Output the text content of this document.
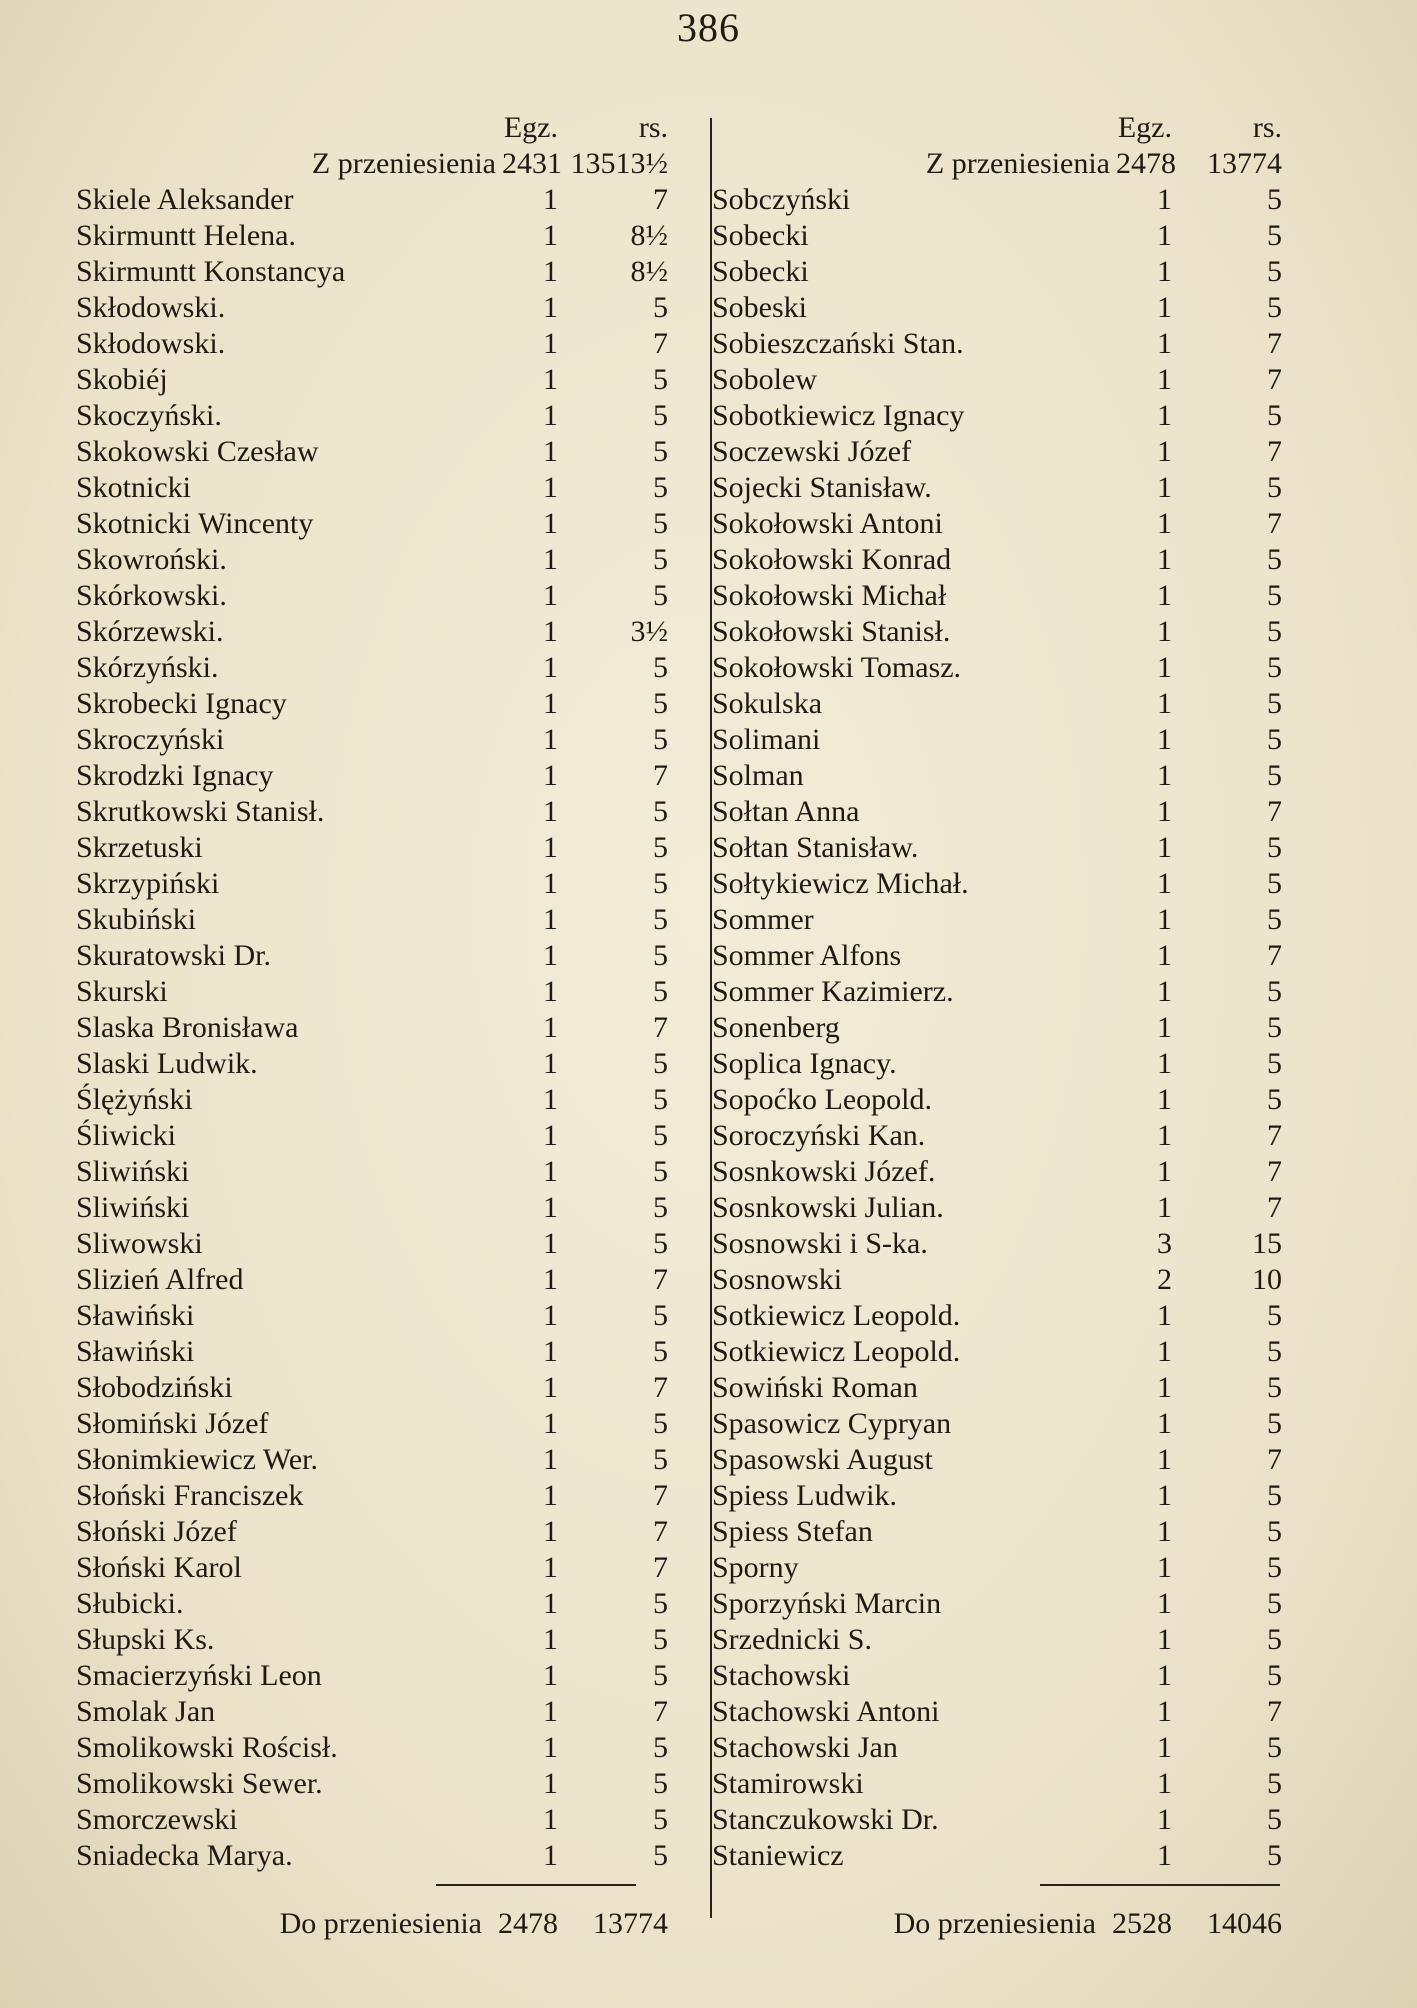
386
Egz.	rs.
Z przeniesienia 2431 13513½
Skiele Aleksander	1	7
Skirmuntt Helena.	1	8½
Skirmuntt Konstancya	1	8½
Skłodowski.	1	5
Skłodowski.	1	7
Skobiéj	1	5
Skoczyński.	1	5
Skokowski Czesław	1	5
Skotnicki	1	5
Skotnicki Wincenty	1	5
Skowroński.	1	5
Skórkowski.	1	5
Skórzewski.	1	3½
Skórzyński.	1	5
Skrobecki Ignacy	1	5
Skroczyński	1	5
Skrodzki Ignacy	1	7
Skrutkowski Stanisł.	1	5
Skrzetuski	1	5
Skrzypiński	1	5
Skubiński	1	5
Skuratowski Dr.	1	5
Skurski	1	5
Slaska Bronisława	1	7
Slaski Ludwik.	1	5
Ślężyński	1	5
Śliwicki	1	5
Sliwiński	1	5
Sliwiński	1	5
Sliwowski	1	5
Slizień Alfred	1	7
Sławiński	1	5
Sławiński	1	5
Słobodziński	1	7
Słomiński Józef	1	5
Słonimkiewicz Wer.	1	5
Słoński Franciszek	1	7
Słoński Józef	1	7
Słoński Karol	1	7
Słubicki.	1	5
Słupski Ks.	1	5
Smacierzyński Leon	1	5
Smolak Jan	1	7
Smolikowski Rościsł.	1	5
Smolikowski Sewer.	1	5
Smorczewski	1	5
Sniadecka Marya.	1	5
Do przeniesienia 2478	13774
Egz.	rs.
Z przeniesienia 2478	13774
Sobczyński	1	5
Sobecki	1	5
Sobecki	1	5
Sobeski	1	5
Sobieszczański Stan.	1	7
Sobolew	1	7
Sobotkiewicz Ignacy	1	5
Soczewski Józef	1	7
Sojecki Stanisław.	1	5
Sokołowski Antoni	1	7
Sokołowski Konrad	1	5
Sokołowski Michał	1	5
Sokołowski Stanisł.	1	5
Sokołowski Tomasz.	1	5
Sokulska	1	5
Solimani	1	5
Solman	1	5
Sołtan Anna	1	7
Sołtan Stanisław.	1	5
Sołtykiewicz Michał.	1	5
Sommer	1	5
Sommer Alfons	1	7
Sommer Kazimierz.	1	5
Sonenberg	1	5
Soplica Ignacy.	1	5
Sopoćko Leopold.	1	5
Soroczyński Kan.	1	7
Sosnkowski Józef.	1	7
Sosnkowski Julian.	1	7
Sosnowski i S-ka.	3	15
Sosnowski	2	10
Sotkiewicz Leopold.	1	5
Sotkiewicz Leopold.	1	5
Sowiński Roman	1	5
Spasowicz Cypryan	1	5
Spasowski August	1	7
Spiess Ludwik.	1	5
Spiess Stefan	1	5
Sporny	1	5
Sporzyński Marcin	1	5
Srzednicki S.	1	5
Stachowski	1	5
Stachowski Antoni	1	7
Stachowski Jan	1	5
Stamirowski	1	5
Stanczukowski Dr.	1	5
Staniewicz	1	5
Do przeniesienia 2528	14046
